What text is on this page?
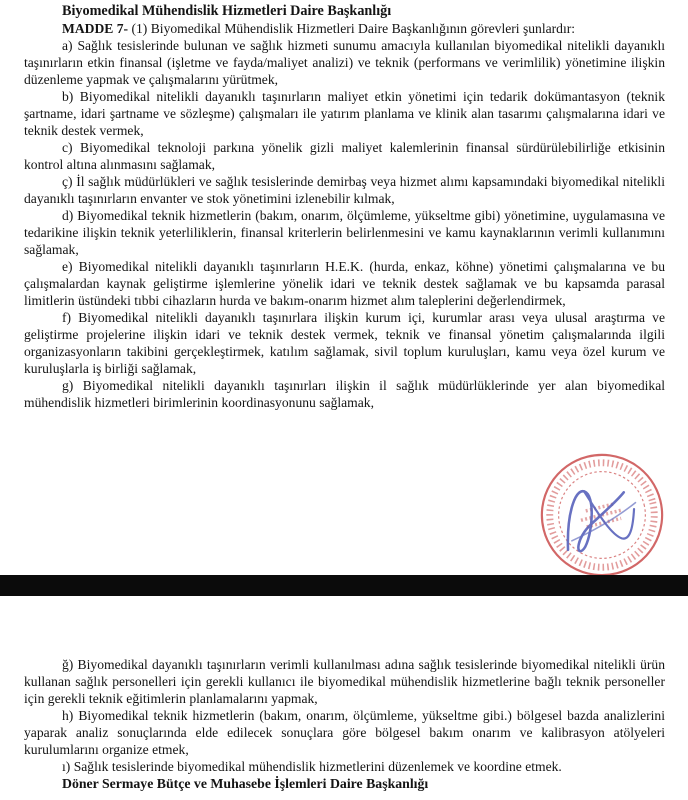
Biyomedikal Mühendislik Hizmetleri Daire Başkanlığı

MADDE 7- (1) Biyomedikal Mühendislik Hizmetleri Daire Başkanlığının görevleri şunlardır:

a) Sağlık tesislerinde bulunan ve sağlık hizmeti sunumu amacıyla kullanılan biyomedikal nitelikli dayanıklı taşınırların etkin finansal (işletme ve fayda/maliyet analizi) ve teknik (performans ve verimlilik) yönetimine ilişkin düzenleme yapmak ve çalışmalarını yürütmek,

b) Biyomedikal nitelikli dayanıklı taşınırların maliyet etkin yönetimi için tedarik dokümantasyon (teknik şartname, idari şartname ve sözleşme) çalışmaları ile yatırım planlama ve klinik alan tasarımı çalışmalarına idari ve teknik destek vermek,

c) Biyomedikal teknoloji parkına yönelik gizli maliyet kalemlerinin finansal sürdürülebilirliğe etkisinin kontrol altına alınmasını sağlamak,

ç) İl sağlık müdürlükleri ve sağlık tesislerinde demirbaş veya hizmet alımı kapsamındaki biyomedikal nitelikli dayanıklı taşınırların envanter ve stok yönetimini izlenebilir kılmak,

d) Biyomedikal teknik hizmetlerin (bakım, onarım, ölçümleme, yükseltme gibi) yönetimine, uygulamasına ve tedarikine ilişkin teknik yeterliliklerin, finansal kriterlerin belirlenmesini ve kamu kaynaklarının verimli kullanımını sağlamak,

e) Biyomedikal nitelikli dayanıklı taşınırların H.E.K. (hurda, enkaz, köhne) yönetimi çalışmalarına ve bu çalışmalardan kaynak geliştirme işlemlerine yönelik idari ve teknik destek sağlamak ve bu kapsamda parasal limitlerin üstündeki tıbbi cihazların hurda ve bakım-onarım hizmet alım taleplerini değerlendirmek,

f) Biyomedikal nitelikli dayanıklı taşınırlara ilişkin kurum içi, kurumlar arası veya ulusal araştırma ve geliştirme projelerine ilişkin idari ve teknik destek vermek, teknik ve finansal yönetim çalışmalarında ilgili organizasyonların takibini gerçekleştirmek, katılım sağlamak, sivil toplum kuruluşları, kamu veya özel kurum ve kuruluşlarla iş birliği sağlamak,

g) Biyomedikal nitelikli dayanıklı taşınırları ilişkin il sağlık müdürlüklerinde yer alan biyomedikal mühendislik hizmetleri birimlerinin koordinasyonunu sağlamak,

ğ) Biyomedikal dayanıklı taşınırların verimli kullanılması adına sağlık tesislerinde biyomedikal nitelikli ürün kullanan sağlık personelleri için gerekli kullanıcı ile biyomedikal mühendislik hizmetlerine bağlı teknik personeller için gerekli teknik eğitimlerin planlamalarını yapmak,

h) Biyomedikal teknik hizmetlerin (bakım, onarım, ölçümleme, yükseltme gibi.) bölgesel bazda analizlerini yaparak analiz sonuçlarında elde edilecek sonuçlara göre bölgesel bakım onarım ve kalibrasyon atölyeleri kurulumlarını organize etmek,

ı) Sağlık tesislerinde biyomedikal mühendislik hizmetlerini düzenlemek ve koordine etmek.

Döner Sermaye Bütçe ve Muhasebe İşlemleri Daire Başkanlığı
